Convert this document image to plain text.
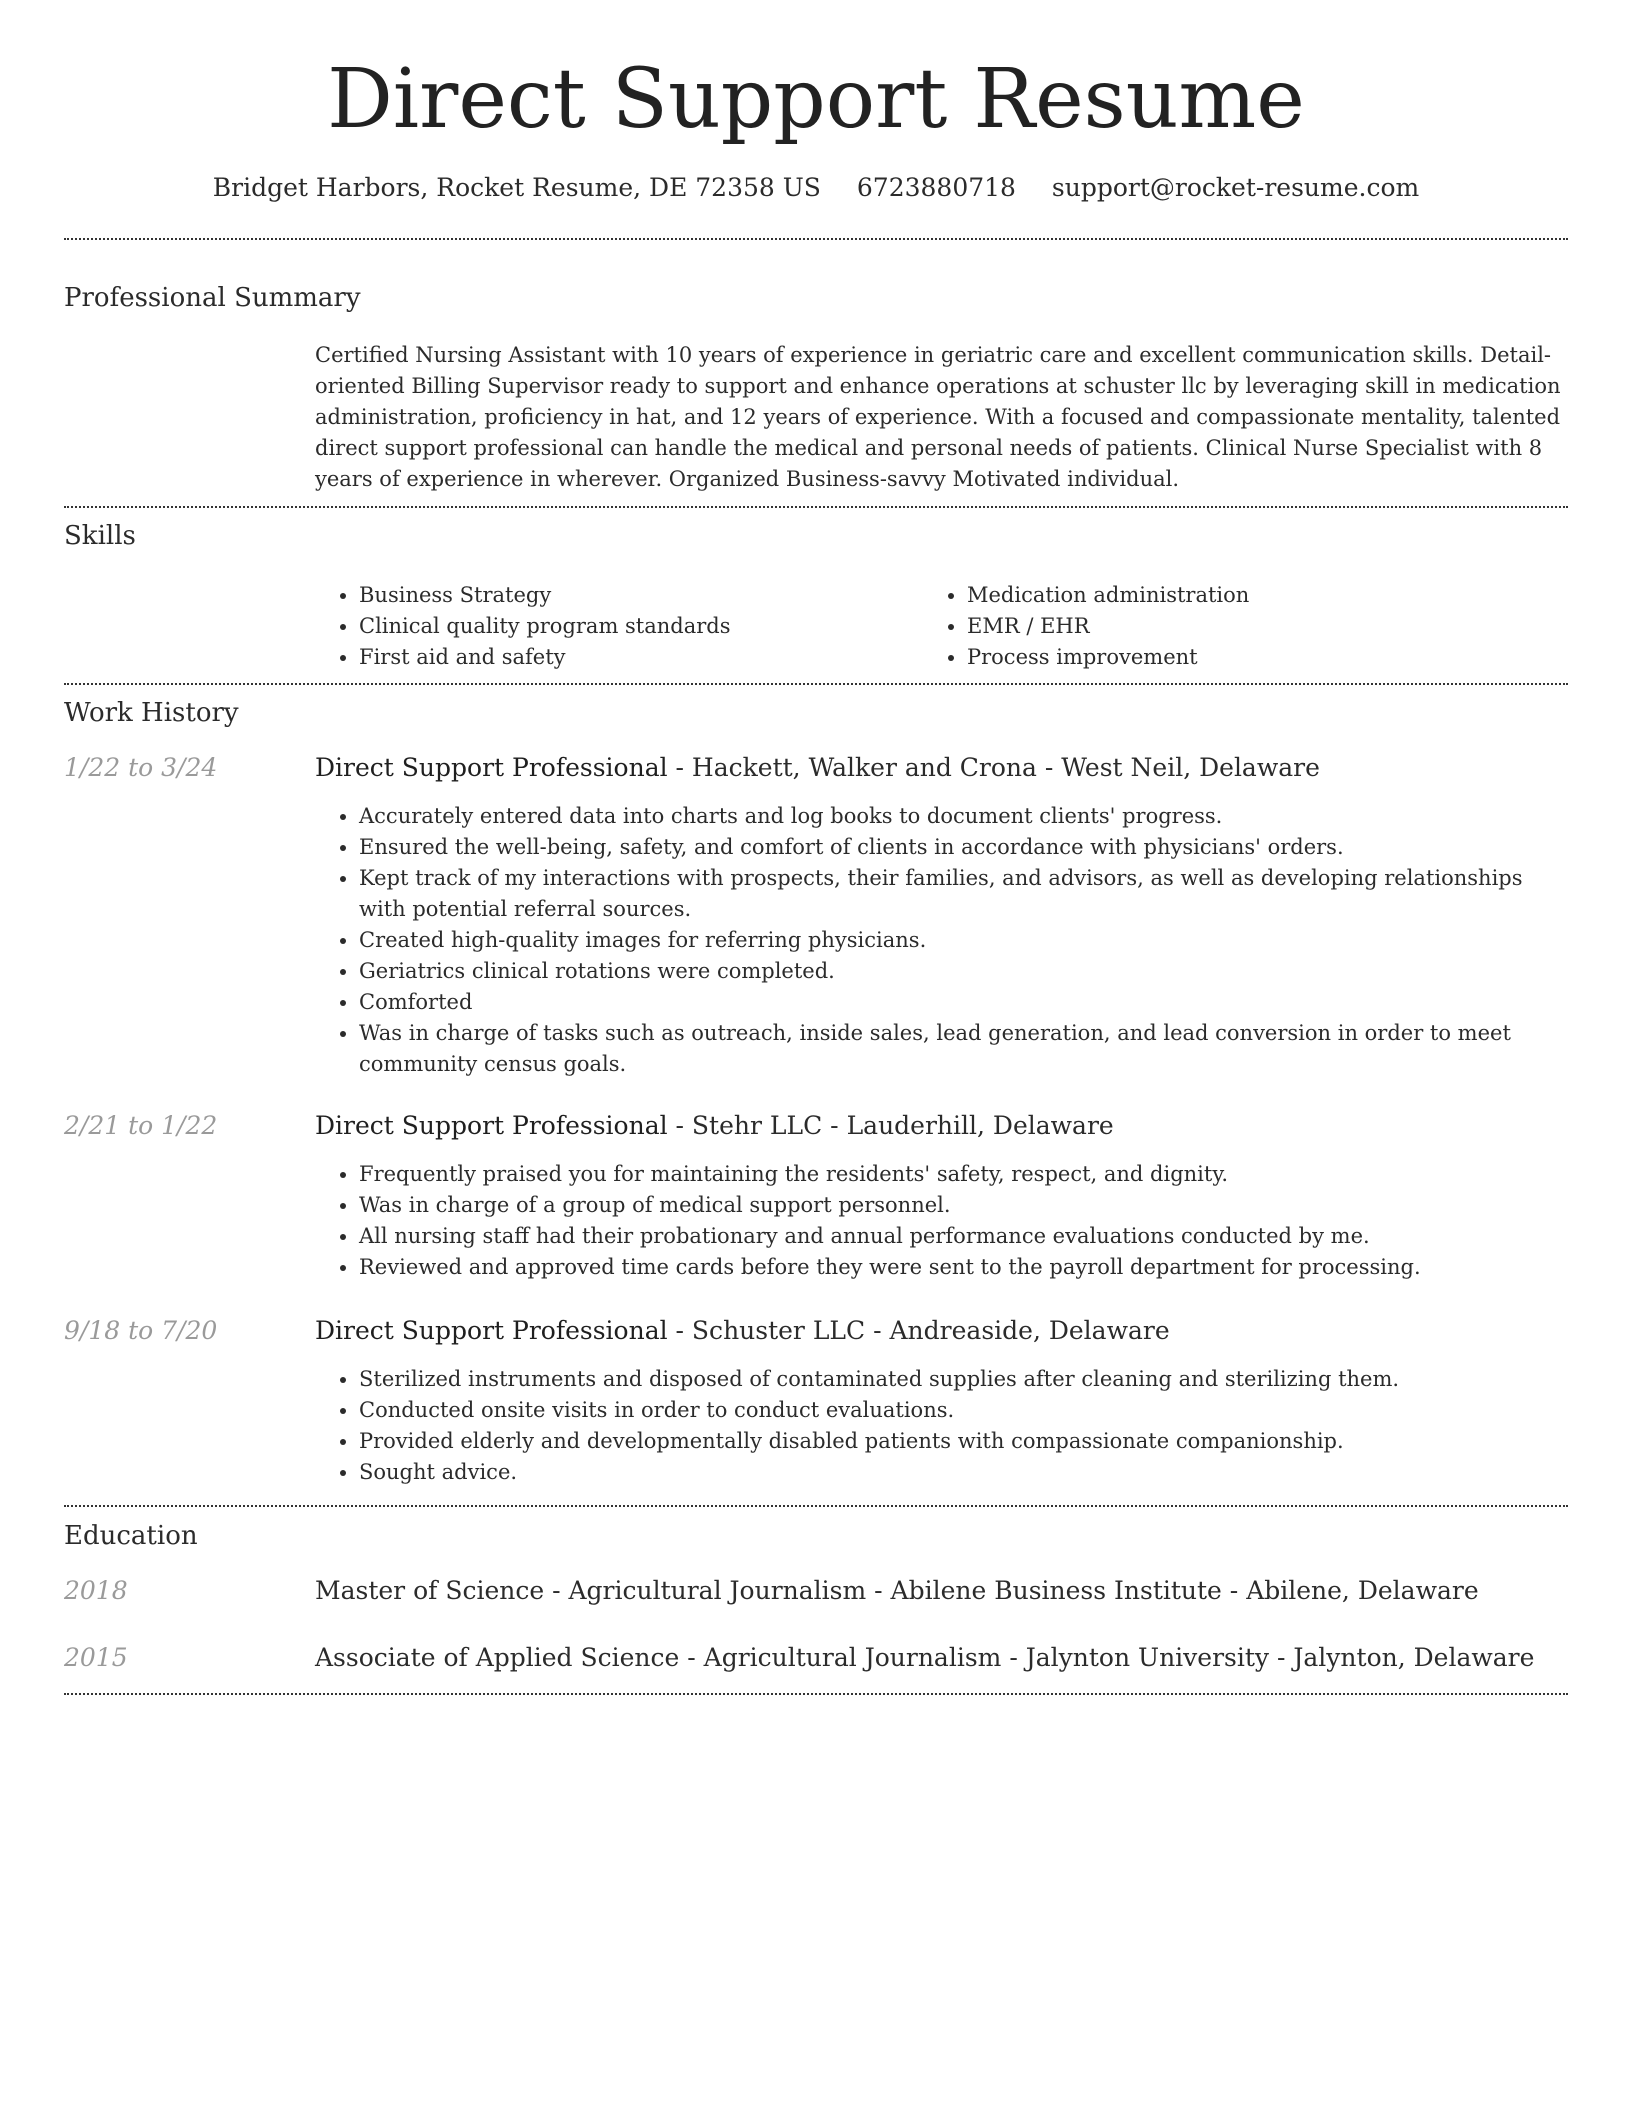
Direct Support Resume
Bridget Harbors, Rocket Resume, DE 72358 US 6723880718 support@rocket-resume.com
Professional Summary

Certified Nursing Assistant with 10 years of experience in geriatric care and excellent communication skills. Detail-oriented Billing Supervisor ready to support and enhance operations at schuster llc by leveraging skill in medication administration, proficiency in hat, and 12 years of experience. With a focused and compassionate mentality, talented direct support professional can handle the medical and personal needs of patients. Clinical Nurse Specialist with 8 years of experience in wherever. Organized Business-savvy Motivated individual.

Skills
• Business Strategy
• Clinical quality program standards
• First aid and safety
• Medication administration
• EMR / EHR
• Process improvement
Work History
1/22 to 3/24	Direct Support Professional - Hackett, Walker and Crona - West Neil, Delaware
• Accurately entered data into charts and log books to document clients' progress.
• Ensured the well-being, safety, and comfort of clients in accordance with physicians' orders.
• Kept track of my interactions with prospects, their families, and advisors, as well as developing relationships with potential referral sources.
• Created high-quality images for referring physicians.
• Geriatrics clinical rotations were completed.
• Comforted
• Was in charge of tasks such as outreach, inside sales, lead generation, and lead conversion in order to meet community census goals.
2/21 to 1/22	Direct Support Professional - Stehr LLC - Lauderhill, Delaware
• Frequently praised you for maintaining the residents' safety, respect, and dignity.
• Was in charge of a group of medical support personnel.
• All nursing staff had their probationary and annual performance evaluations conducted by me.
• Reviewed and approved time cards before they were sent to the payroll department for processing.
9/18 to 7/20	Direct Support Professional - Schuster LLC - Andreaside, Delaware
• Sterilized instruments and disposed of contaminated supplies after cleaning and sterilizing them.
• Conducted onsite visits in order to conduct evaluations.
• Provided elderly and developmentally disabled patients with compassionate companionship.
• Sought advice.
Education
2018	Master of Science - Agricultural Journalism - Abilene Business Institute - Abilene, Delaware
2015	Associate of Applied Science - Agricultural Journalism - Jalynton University - Jalynton, Delaware
